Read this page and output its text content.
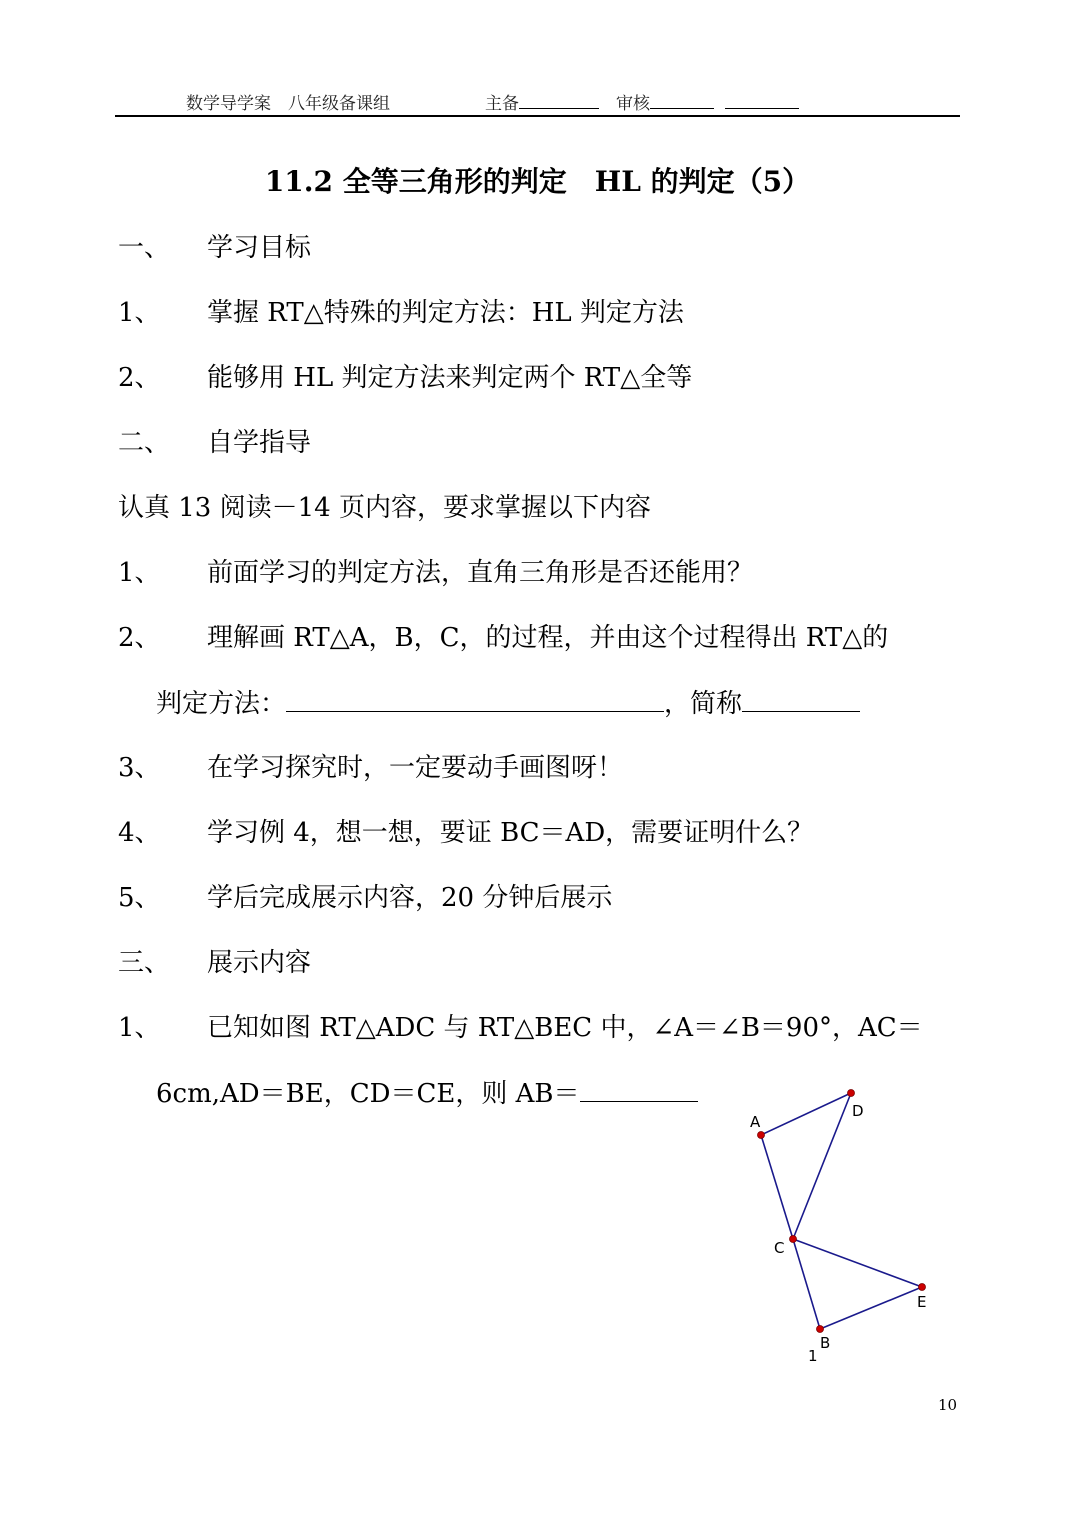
数学导学案　八年级备课组	主备	审核
11.2 全等三角形的判定　HL 的判定（5）
一、 学习目标
1、 掌握 RT△特殊的判定方法：HL 判定方法
2、 能够用 HL 判定方法来判定两个 RT△全等
二、 自学指导
认真 13 阅读－14 页内容，要求掌握以下内容
1、 前面学习的判定方法，直角三角形是否还能用？
2、 理解画 RT△A，B，C，的过程，并由这个过程得出 RT△的
判定方法：	，简称
3、 在学习探究时，一定要动手画图呀！
4、 学习例 4，想一想，要证 BC＝AD，需要证明什么？
5、 学后完成展示内容，20 分钟后展示
三、 展示内容
1、 已知如图 RT△ADC 与 RT△BEC 中，∠A＝∠B＝90°，AC＝
6cm,AD＝BE，CD＝CE，则 AB＝
A
D
C
E
B
1
10
